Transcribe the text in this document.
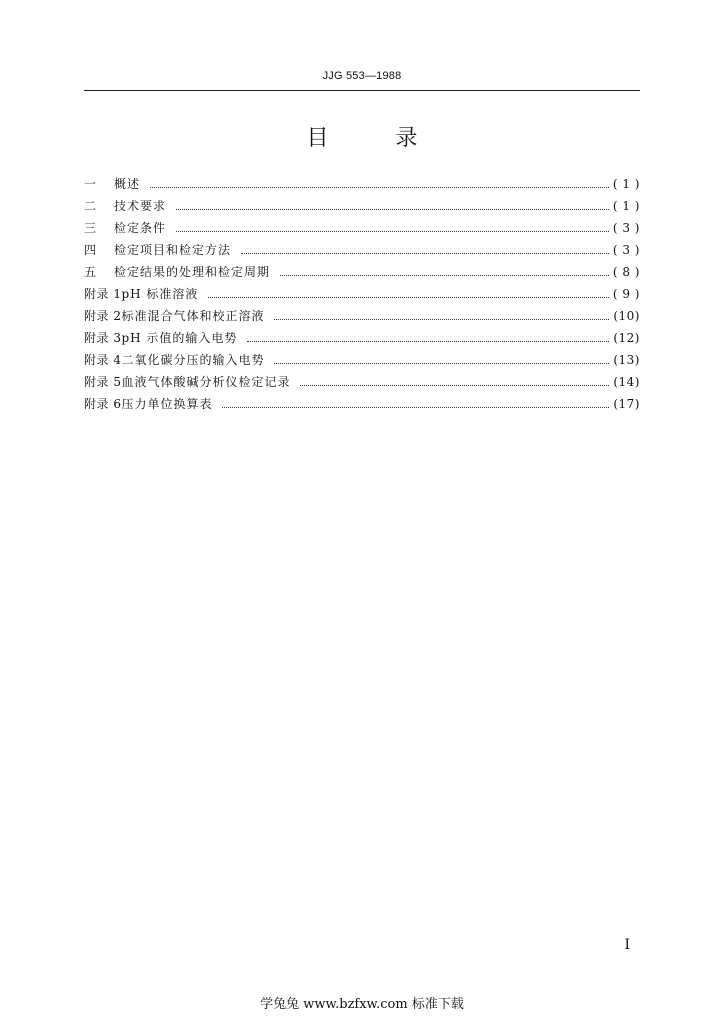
JJG 553—1988
目 录
一	概述	( 1 )
二	技术要求	( 1 )
三	检定条件	( 3 )
四	检定项目和检定方法	( 3 )
五	检定结果的处理和检定周期	( 8 )
附录 1 pH 标准溶液	( 9 )
附录 2 标准混合气体和校正溶液	(10)
附录 3 pH 示值的输入电势	(12)
附录 4 二氧化碳分压的输入电势	(13)
附录 5 血液气体酸碱分析仪检定记录	(14)
附录 6 压力单位换算表	(17)
I
学兔兔 www.bzfxw.com 标准下载
